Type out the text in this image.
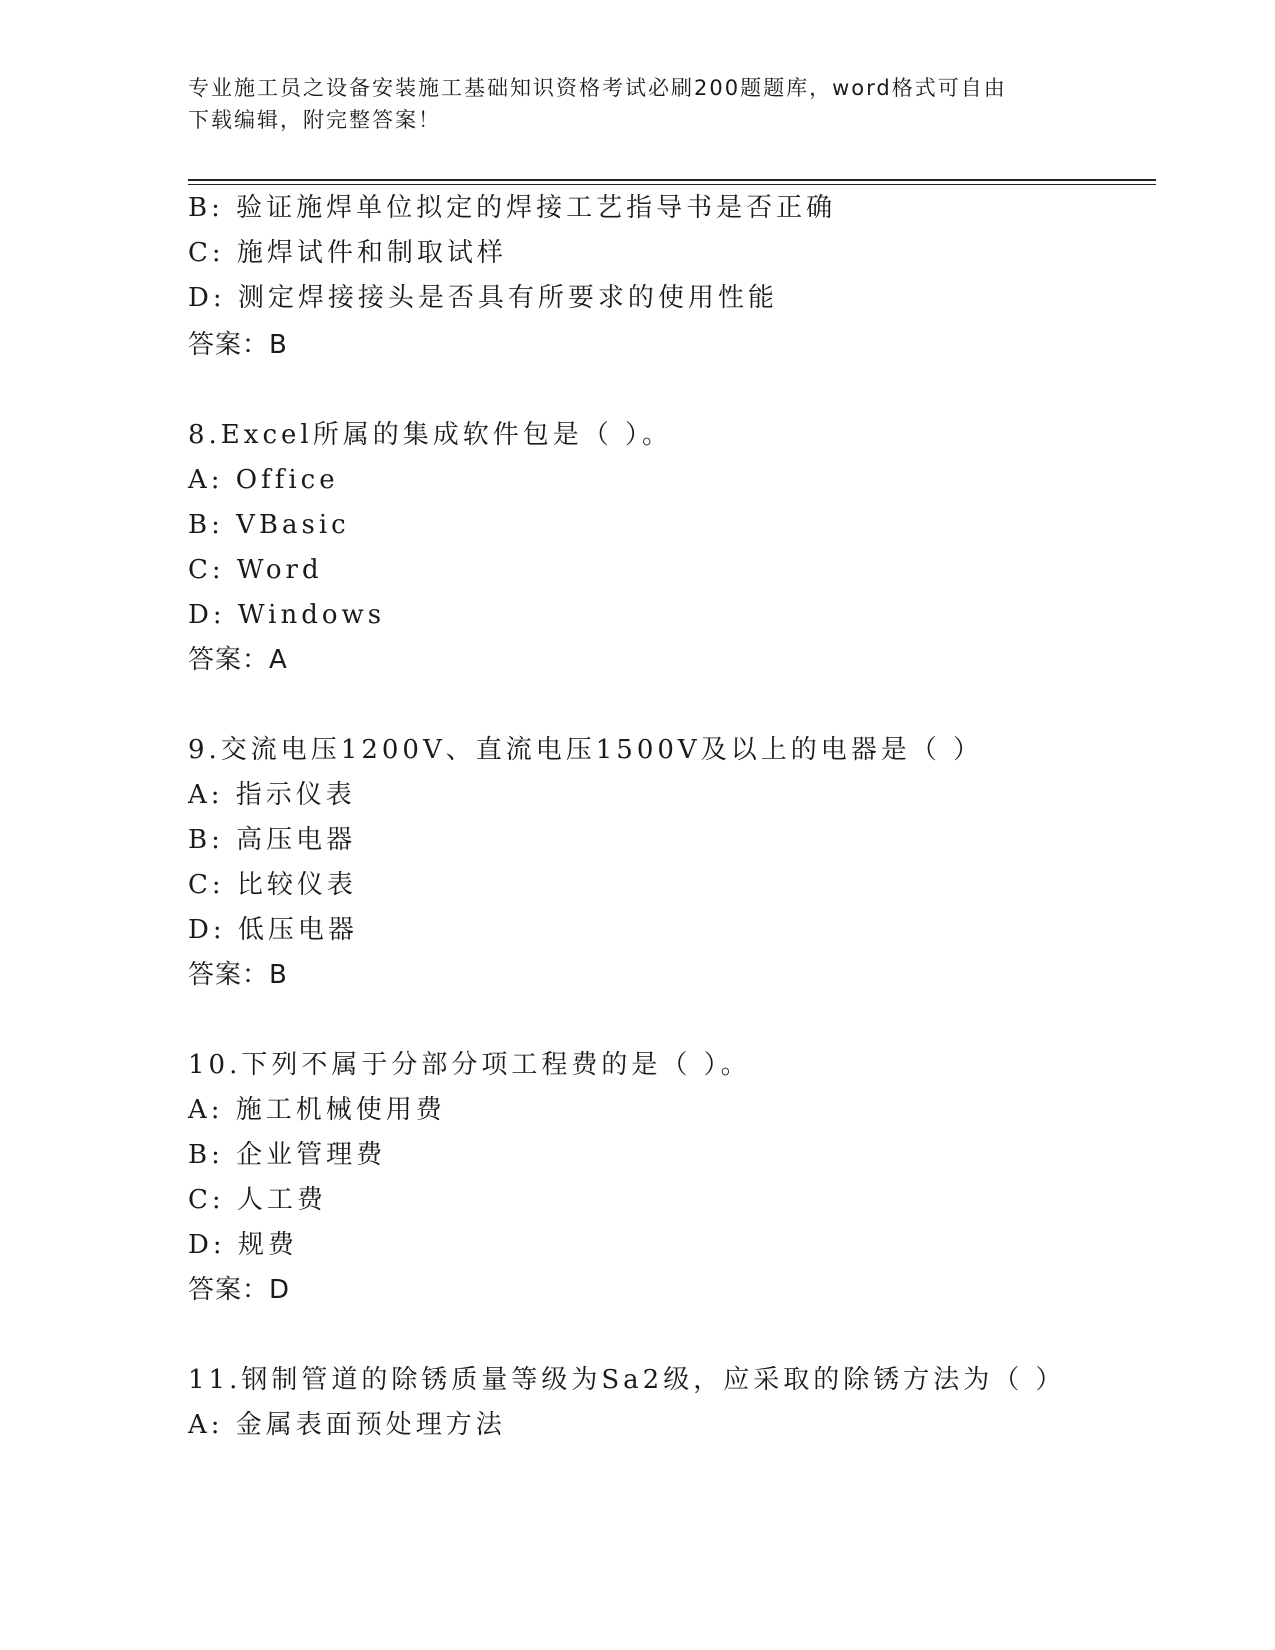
专业施工员之设备安装施工基础知识资格考试必刷200题题库，word格式可自由
下载编辑，附完整答案！
B: 验证施焊单位拟定的焊接工艺指导书是否正确
C: 施焊试件和制取试样
D: 测定焊接接头是否具有所要求的使用性能
答案：B
8.Excel所属的集成软件包是（ ）。
A: Office
B: VBasic
C: Word
D: Windows
答案：A
9.交流电压1200V、直流电压1500V及以上的电器是（ ）
A: 指示仪表
B: 高压电器
C: 比较仪表
D: 低压电器
答案：B
10.下列不属于分部分项工程费的是（ ）。
A: 施工机械使用费
B: 企业管理费
C: 人工费
D: 规费
答案：D
11.钢制管道的除锈质量等级为Sa2级，应采取的除锈方法为（ ）
A: 金属表面预处理方法
